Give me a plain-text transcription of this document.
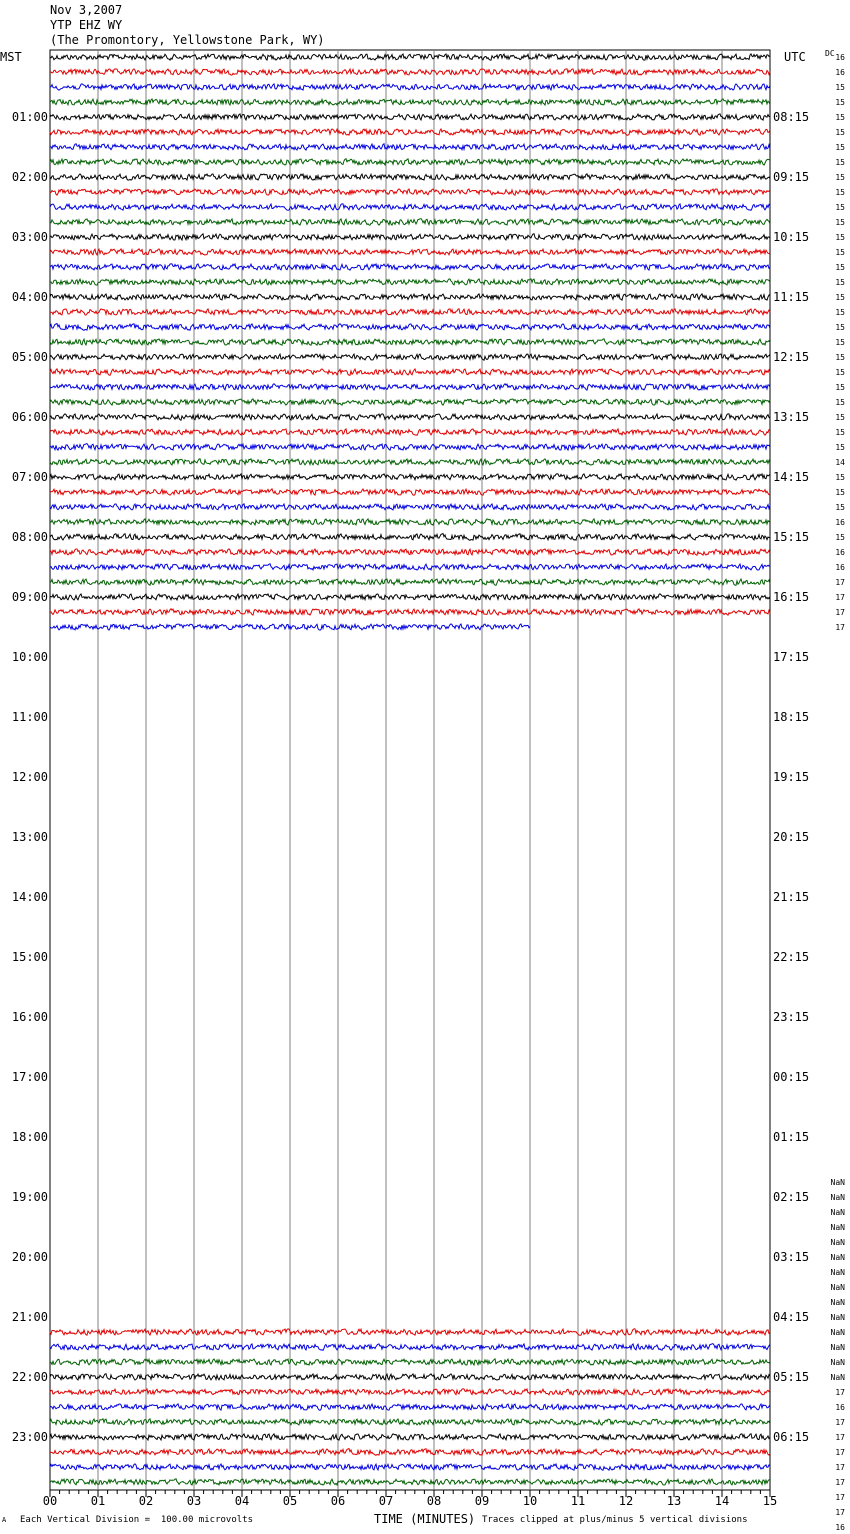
Nov 3,2007
YTP EHZ WY
(The Promontory, Yellowstone Park, WY)
MST	UTC
00	01	02	03	04	05	06	07	08	09	10	11	12	13	14	15
01:00
02:00
03:00
04:00
05:00
06:00
07:00
08:00
09:00
10:00
11:00
12:00
13:00
14:00
15:00
16:00
17:00
18:00
19:00
20:00
21:00
22:00
23:00
08:15
09:15
10:15
11:15
12:15
13:15
14:15
15:15
16:15
17:15
18:15
19:15
20:15
21:15
22:15
23:15
00:15
01:15
02:15
03:15
04:15
05:15
06:15
DC 16
16
15
15
15
15
15
15
15
15
15
15
15
15
15
15
15
15
15
15
15
15
15
15
15
15
15
14
15
15
15
16
15
16
16
17
17
17
17
NaN
NaN
NaN
NaN
NaN
NaN
NaN
NaN
NaN
NaN
NaN
NaN
NaN
NaN
17
16
17
17
17
17
17
17
17
16
A Each Vertical Division =  100.00 microvolts	TIME (MINUTES) Traces clipped at plus/minus 5 vertical divisions
